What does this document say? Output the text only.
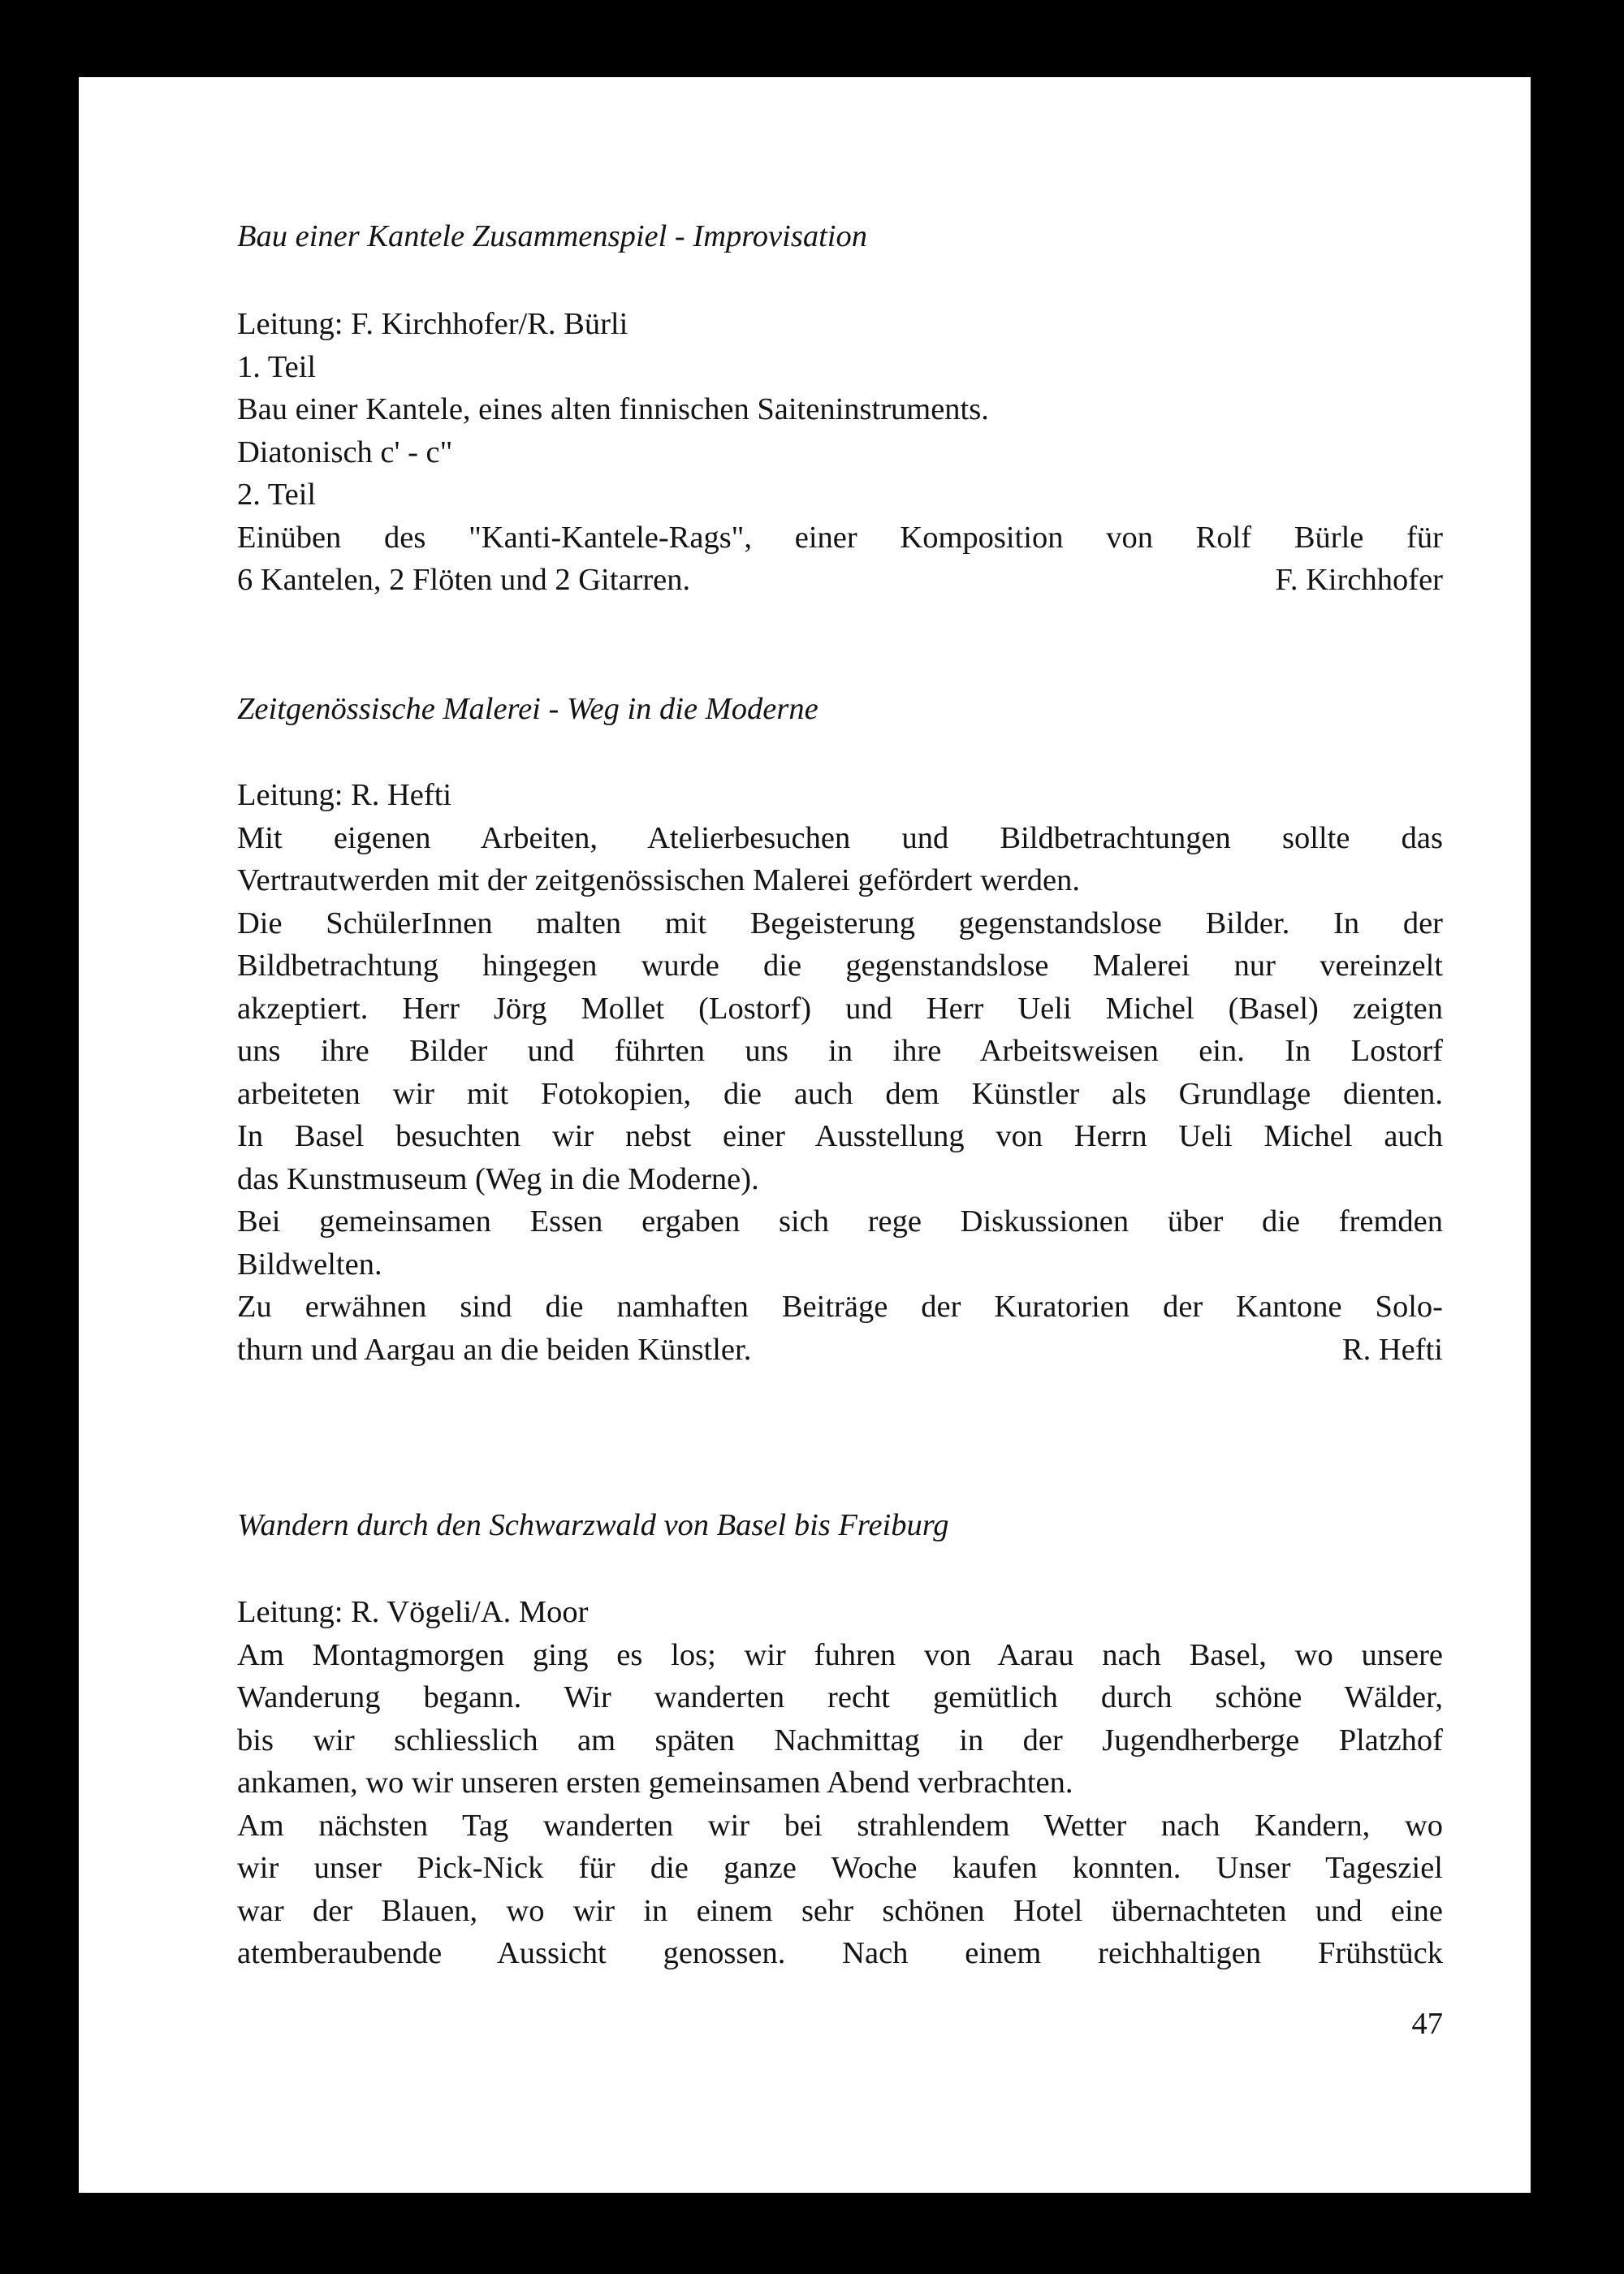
Bau einer Kantele Zusammenspiel - Improvisation
Leitung: F. Kirchhofer/R. Bürli
1. Teil
Bau einer Kantele, eines alten finnischen Saiteninstruments.
Diatonisch c' - c"
2. Teil
Einüben des "Kanti-Kantele-Rags", einer Komposition von Rolf Bürle für
6 Kantelen, 2 Flöten und 2 Gitarren.	F. Kirchhofer
Zeitgenössische Malerei - Weg in die Moderne
Leitung: R. Hefti
Mit eigenen Arbeiten, Atelierbesuchen und Bildbetrachtungen sollte das
Vertrautwerden mit der zeitgenössischen Malerei gefördert werden.
Die SchülerInnen malten mit Begeisterung gegenstandslose Bilder. In der
Bildbetrachtung hingegen wurde die gegenstandslose Malerei nur vereinzelt
akzeptiert. Herr Jörg Mollet (Lostorf) und Herr Ueli Michel (Basel) zeigten
uns ihre Bilder und führten uns in ihre Arbeitsweisen ein. In Lostorf
arbeiteten wir mit Fotokopien, die auch dem Künstler als Grundlage dienten.
In Basel besuchten wir nebst einer Ausstellung von Herrn Ueli Michel auch
das Kunstmuseum (Weg in die Moderne).
Bei gemeinsamen Essen ergaben sich rege Diskussionen über die fremden
Bildwelten.
Zu erwähnen sind die namhaften Beiträge der Kuratorien der Kantone Solo-
thurn und Aargau an die beiden Künstler.	R. Hefti
Wandern durch den Schwarzwald von Basel bis Freiburg
Leitung: R. Vögeli/A. Moor
Am Montagmorgen ging es los; wir fuhren von Aarau nach Basel, wo unsere
Wanderung begann. Wir wanderten recht gemütlich durch schöne Wälder,
bis wir schliesslich am späten Nachmittag in der Jugendherberge Platzhof
ankamen, wo wir unseren ersten gemeinsamen Abend verbrachten.
Am nächsten Tag wanderten wir bei strahlendem Wetter nach Kandern, wo
wir unser Pick-Nick für die ganze Woche kaufen konnten. Unser Tagesziel
war der Blauen, wo wir in einem sehr schönen Hotel übernachteten und eine
atemberaubende Aussicht genossen. Nach einem reichhaltigen Frühstück
47
